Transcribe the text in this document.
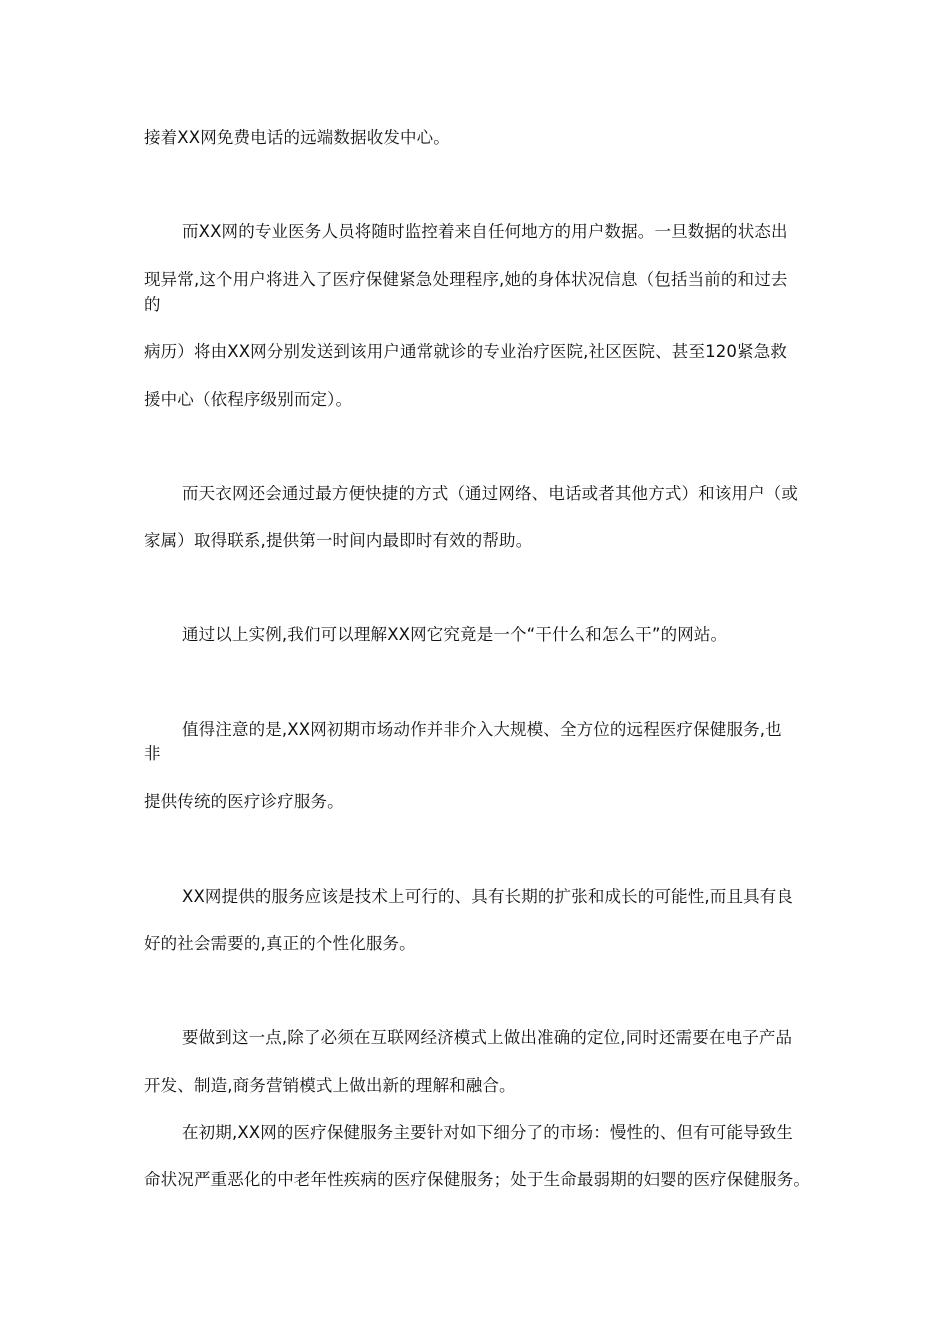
接着XX网免费电话的远端数据收发中心。
而XX网的专业医务人员将随时监控着来自任何地方的用户数据。一旦数据的状态出
现异常,这个用户将进入了医疗保健紧急处理程序,她的身体状况信息（包括当前的和过去
的
病历）将由XX网分别发送到该用户通常就诊的专业治疗医院,社区医院、甚至120紧急救
援中心（依程序级别而定）。
而天衣网还会通过最方便快捷的方式（通过网络、电话或者其他方式）和该用户（或
家属）取得联系,提供第一时间内最即时有效的帮助。
通过以上实例,我们可以理解XX网它究竟是一个“干什么和怎么干”的网站。
值得注意的是,XX网初期市场动作并非介入大规模、全方位的远程医疗保健服务,也
非
提供传统的医疗诊疗服务。
XX网提供的服务应该是技术上可行的、具有长期的扩张和成长的可能性,而且具有良
好的社会需要的,真正的个性化服务。
要做到这一点,除了必须在互联网经济模式上做出准确的定位,同时还需要在电子产品
开发、制造,商务营销模式上做出新的理解和融合。
在初期,XX网的医疗保健服务主要针对如下细分了的市场：慢性的、但有可能导致生
命状况严重恶化的中老年性疾病的医疗保健服务；处于生命最弱期的妇婴的医疗保健服务。
